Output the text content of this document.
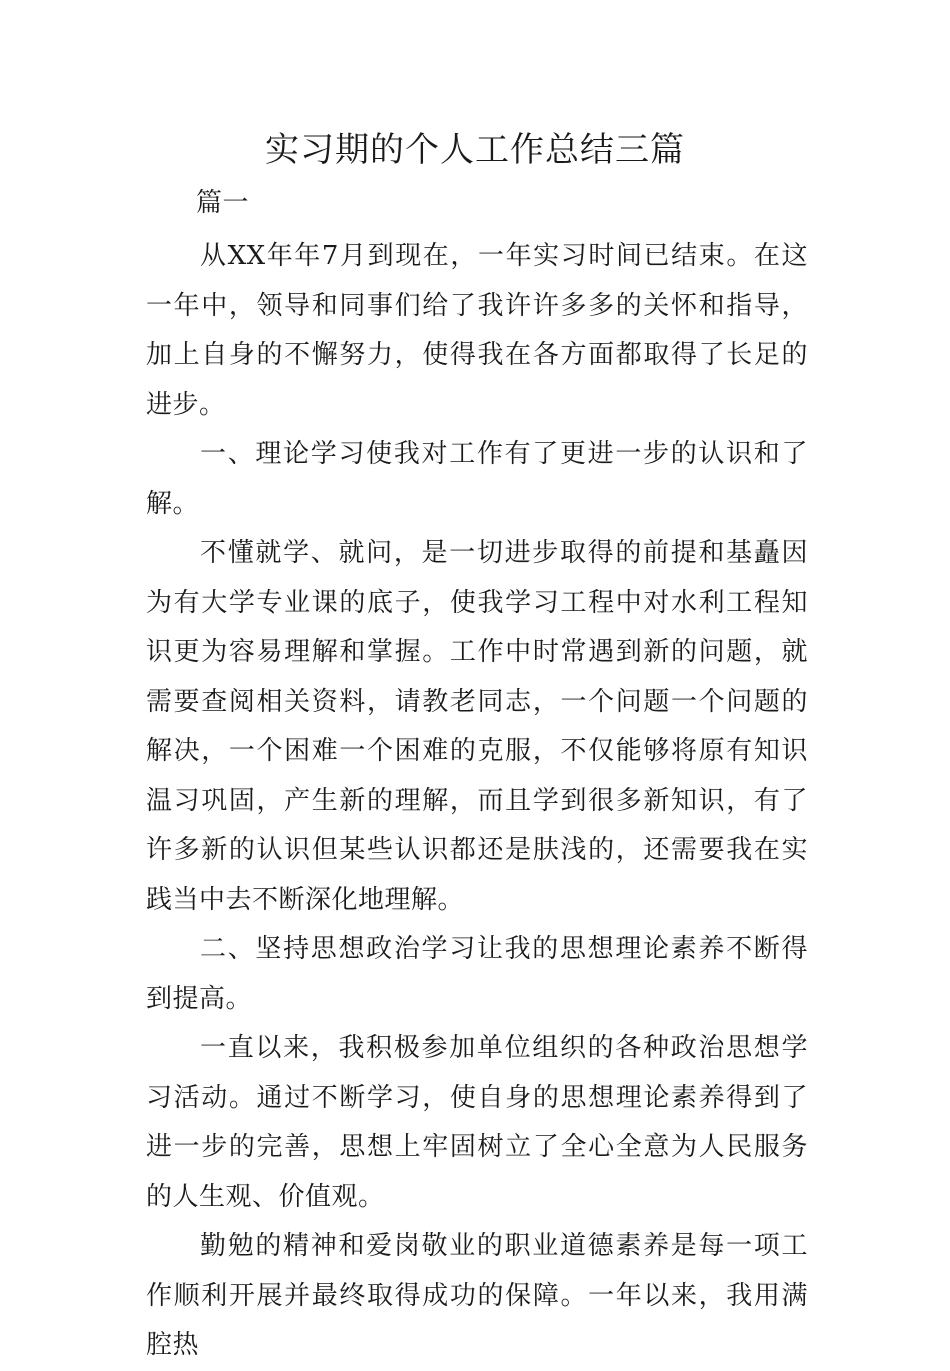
实习期的个人工作总结三篇

篇一

从XX年年7月到现在，一年实习时间已结束。在这一年中，领导和同事们给了我许许多多的关怀和指导，加上自身的不懈努力，使得我在各方面都取得了长足的进步。

一、理论学习使我对工作有了更进一步的认识和了解。

不懂就学、就问，是一切进步取得的前提和基矗因为有大学专业课的底子，使我学习工程中对水利工程知识更为容易理解和掌握。工作中时常遇到新的问题，就需要查阅相关资料，请教老同志，一个问题一个问题的解决，一个困难一个困难的克服，不仅能够将原有知识温习巩固，产生新的理解，而且学到很多新知识，有了许多新的认识但某些认识都还是肤浅的，还需要我在实践当中去不断深化地理解。

二、坚持思想政治学习让我的思想理论素养不断得到提高。

一直以来，我积极参加单位组织的各种政治思想学习活动。通过不断学习，使自身的思想理论素养得到了进一步的完善，思想上牢固树立了全心全意为人民服务的人生观、价值观。

勤勉的精神和爱岗敬业的职业道德素养是每一项工作顺利开展并最终取得成功的保障。一年以来，我用满腔热
